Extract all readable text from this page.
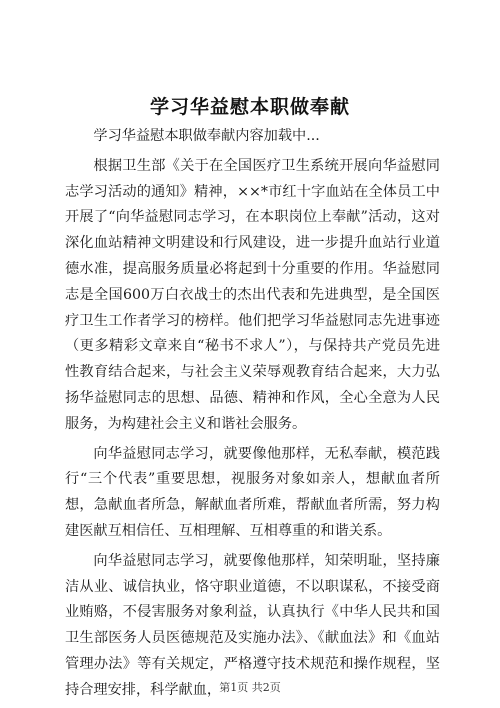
学习华益慰本职做奉献

学习华益慰本职做奉献内容加载中...

根据卫生部《关于在全国医疗卫生系统开展向华益慰同志学习活动的通知》精神，××*市红十字血站在全体员工中开展了“向华益慰同志学习，在本职岗位上奉献”活动，这对深化血站精神文明建设和行风建设，进一步提升血站行业道德水准，提高服务质量必将起到十分重要的作用。华益慰同志是全国600万白衣战士的杰出代表和先进典型，是全国医疗卫生工作者学习的榜样。他们把学习华益慰同志先进事迹（更多精彩文章来自“秘书不求人”），与保持共产党员先进性教育结合起来，与社会主义荣辱观教育结合起来，大力弘扬华益慰同志的思想、品德、精神和作风，全心全意为人民服务，为构建社会主义和谐社会服务。

向华益慰同志学习，就要像他那样，无私奉献，模范践行“三个代表”重要思想，视服务对象如亲人，想献血者所想，急献血者所急，解献血者所难，帮献血者所需，努力构建医献互相信任、互相理解、互相尊重的和谐关系。

向华益慰同志学习，就要像他那样，知荣明耻，坚持廉洁从业、诚信执业，恪守职业道德，不以职谋私，不接受商业贿赂，不侵害服务对象利益，认真执行《中华人民共和国卫生部医务人员医德规范及实施办法》、《献血法》和《血站管理办法》等有关规定，严格遵守技术规范和操作规程，坚持合理安排，科学献血，

第1页 共2页
